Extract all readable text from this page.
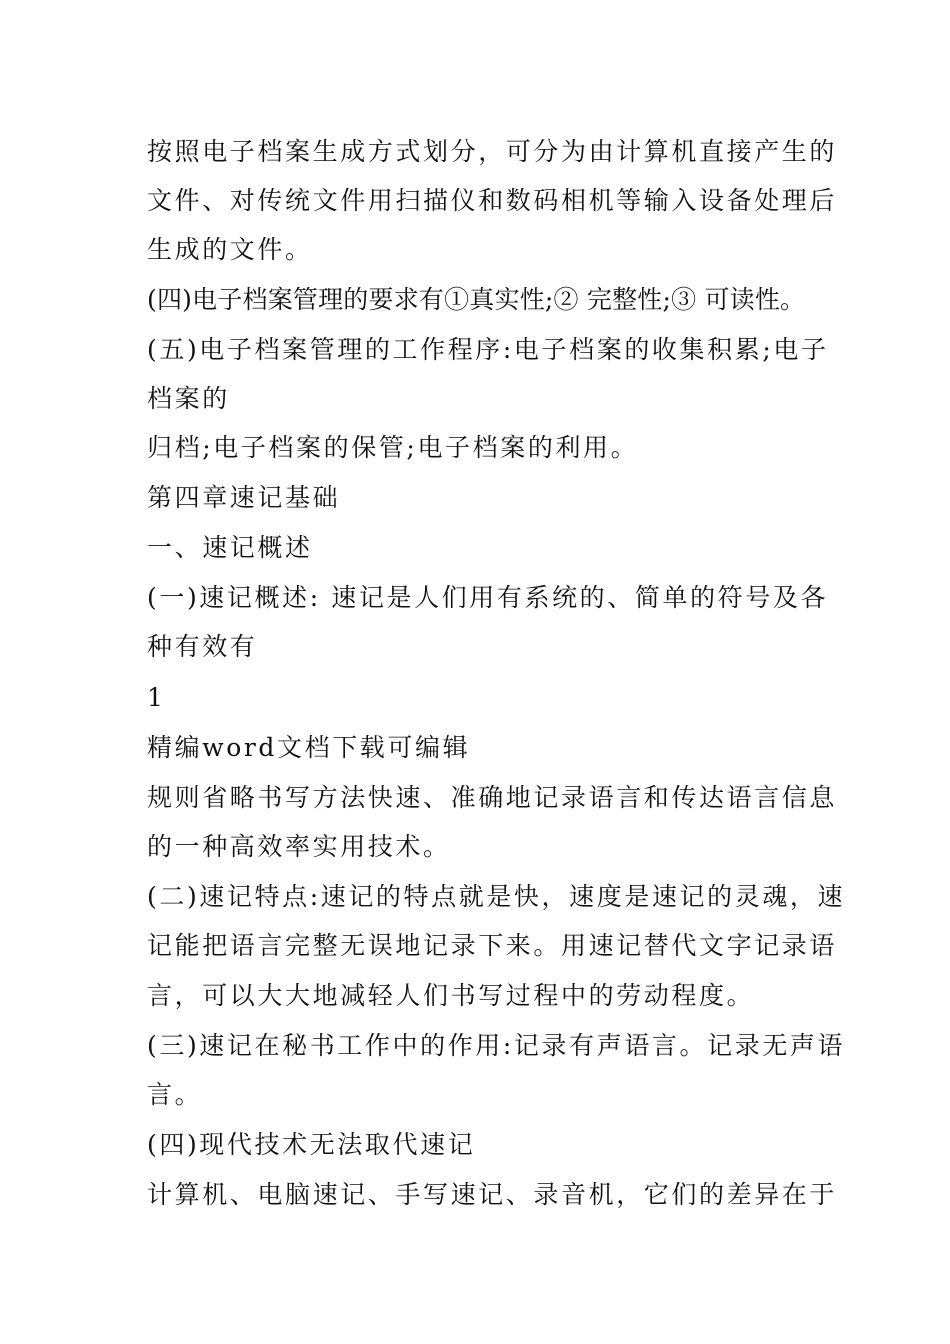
按照电子档案生成方式划分，可分为由计算机直接产生的
文件、对传统文件用扫描仪和数码相机等输入设备处理后
生成的文件。
(四)电子档案管理的要求有①真实性;② 完整性;③ 可读性。
(五)电子档案管理的工作程序:电子档案的收集积累;电子
档案的
归档;电子档案的保管;电子档案的利用。
第四章速记基础
一、速记概述
(一)速记概述: 速记是人们用有系统的、简单的符号及各
种有效有
1
精编word文档下载可编辑
规则省略书写方法快速、准确地记录语言和传达语言信息
的一种高效率实用技术。
(二)速记特点:速记的特点就是快，速度是速记的灵魂，速
记能把语言完整无误地记录下来。用速记替代文字记录语
言，可以大大地减轻人们书写过程中的劳动程度。
(三)速记在秘书工作中的作用:记录有声语言。记录无声语
言。
(四)现代技术无法取代速记
计算机、电脑速记、手写速记、录音机，它们的差异在于
